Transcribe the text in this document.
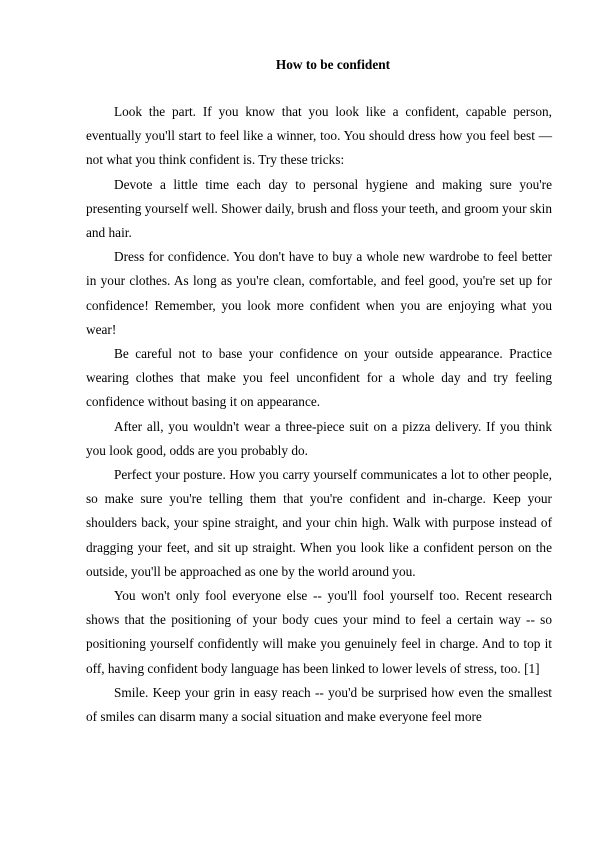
How to be confident

Look the part. If you know that you look like a confident, capable person, eventually you'll start to feel like a winner, too. You should dress how you feel best — not what you think confident is. Try these tricks:

Devote a little time each day to personal hygiene and making sure you're presenting yourself well. Shower daily, brush and floss your teeth, and groom your skin and hair.

Dress for confidence. You don't have to buy a whole new wardrobe to feel better in your clothes. As long as you're clean, comfortable, and feel good, you're set up for confidence! Remember, you look more confident when you are enjoying what you wear!

Be careful not to base your confidence on your outside appearance. Practice wearing clothes that make you feel unconfident for a whole day and try feeling confidence without basing it on appearance.

After all, you wouldn't wear a three-piece suit on a pizza delivery. If you think you look good, odds are you probably do.

Perfect your posture. How you carry yourself communicates a lot to other people, so make sure you're telling them that you're confident and in-charge. Keep your shoulders back, your spine straight, and your chin high. Walk with purpose instead of dragging your feet, and sit up straight. When you look like a confident person on the outside, you'll be approached as one by the world around you.

You won't only fool everyone else -- you'll fool yourself too. Recent research shows that the positioning of your body cues your mind to feel a certain way -- so positioning yourself confidently will make you genuinely feel in charge. And to top it off, having confident body language has been linked to lower levels of stress, too. [1]

Smile. Keep your grin in easy reach -- you'd be surprised how even the smallest of smiles can disarm many a social situation and make everyone feel more
